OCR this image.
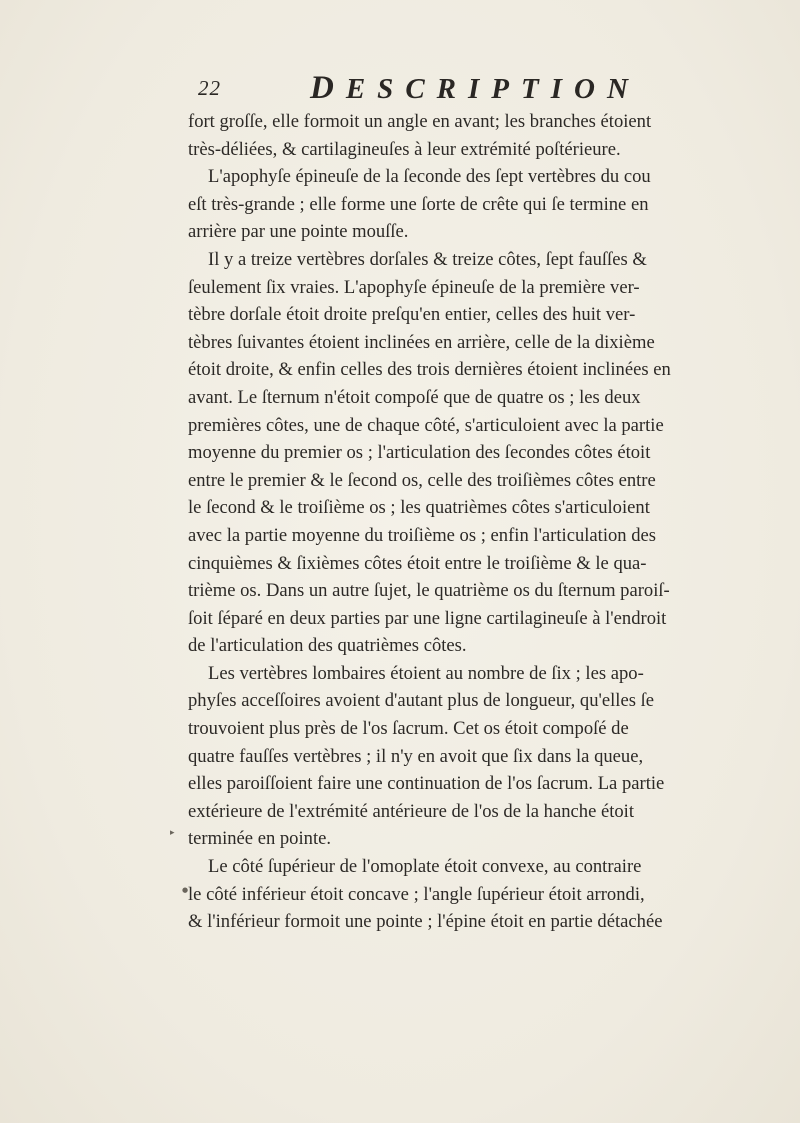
22	DESCRIPTION

fort groſſe, elle formoit un angle en avant; les branches étoient
très-déliées, & cartilagineuſes à leur extrémité poſtérieure.

L'apophyſe épineuſe de la ſeconde des ſept vertèbres du cou
eſt très-grande ; elle forme une ſorte de crête qui ſe termine en
arrière par une pointe mouſſe.

Il y a treize vertèbres dorſales & treize côtes, ſept fauſſes &
ſeulement ſix vraies. L'apophyſe épineuſe de la première ver-
tèbre dorſale étoit droite preſqu'en entier, celles des huit ver-
tèbres ſuivantes étoient inclinées en arrière, celle de la dixième
étoit droite, & enfin celles des trois dernières étoient inclinées en
avant. Le ſternum n'étoit compoſé que de quatre os ; les deux
premières côtes, une de chaque côté, s'articuloient avec la partie
moyenne du premier os ; l'articulation des ſecondes côtes étoit
entre le premier & le ſecond os, celle des troiſièmes côtes entre
le ſecond & le troiſième os ; les quatrièmes côtes s'articuloient
avec la partie moyenne du troiſième os ; enfin l'articulation des
cinquièmes & ſixièmes côtes étoit entre le troiſième & le qua-
trième os. Dans un autre ſujet, le quatrième os du ſternum paroiſ-
ſoit ſéparé en deux parties par une ligne cartilagineuſe à l'endroit
de l'articulation des quatrièmes côtes.

Les vertèbres lombaires étoient au nombre de ſix ; les apo-
phyſes acceſſoires avoient d'autant plus de longueur, qu'elles ſe
trouvoient plus près de l'os ſacrum. Cet os étoit compoſé de
quatre fauſſes vertèbres ; il n'y en avoit que ſix dans la queue,
elles paroiſſoient faire une continuation de l'os ſacrum. La partie
extérieure de l'extrémité antérieure de l'os de la hanche étoit
terminée en pointe.

Le côté ſupérieur de l'omoplate étoit convexe, au contraire
le côté inférieur étoit concave ; l'angle ſupérieur étoit arrondi,
& l'inférieur formoit une pointe ; l'épine étoit en partie détachée

▸
●
